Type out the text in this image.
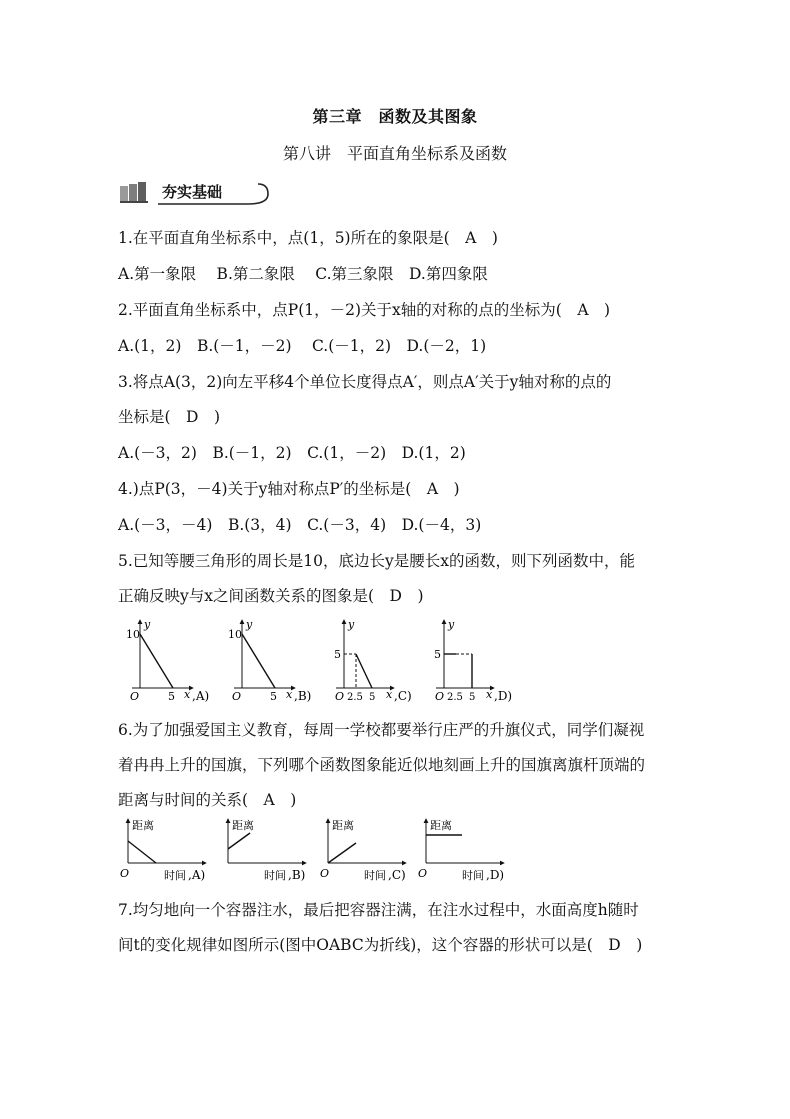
第三章　函数及其图象
第八讲　平面直角坐标系及函数
夯实基础
1.在平面直角坐标系中，点(1，5)所在的象限是(　A　)
A.第一象限　 B.第二象限　 C.第三象限　D.第四象限
2.平面直角坐标系中，点P(1，－2)关于x轴的对称的点的坐标为(　A　)
A.(1，2)　B.(－1，－2)　 C.(－1，2)　D.(－2，1)
3.将点A(3，2)向左平移4个单位长度得点A′，则点A′关于y轴对称的点的
坐标是(　D　)
A.(－3，2)　B.(－1，2)　C.(1，－2)　D.(1，2)
4.)点P(3，－4)关于y轴对称点P′的坐标是(　A　)
A.(－3，－4)　B.(3，4)　C.(－3，4)　D.(－4，3)
5.已知等腰三角形的周长是10，底边长y是腰长x的函数，则下列函数中，能
正确反映y与x之间函数关系的图象是(　D　)
y
10
O	5 x ,A)
y
10
O	5 x ,B)
y
5
O 2.5 5 x ,C)
y
5
O 2.5 5 x ,D)
6.为了加强爱国主义教育，每周一学校都要举行庄严的升旗仪式，同学们凝视
着冉冉上升的国旗，下列哪个函数图象能近似地刻画上升的国旗离旗杆顶端的
距离与时间的关系(　A　)
距离
O	时间 ,A)
距离
时间 ,B)
距离
O	时间 ,C)
距离
O	时间 ,D)
7.均匀地向一个容器注水，最后把容器注满，在注水过程中，水面高度h随时
间t的变化规律如图所示(图中OABC为折线)，这个容器的形状可以是(　D　)
